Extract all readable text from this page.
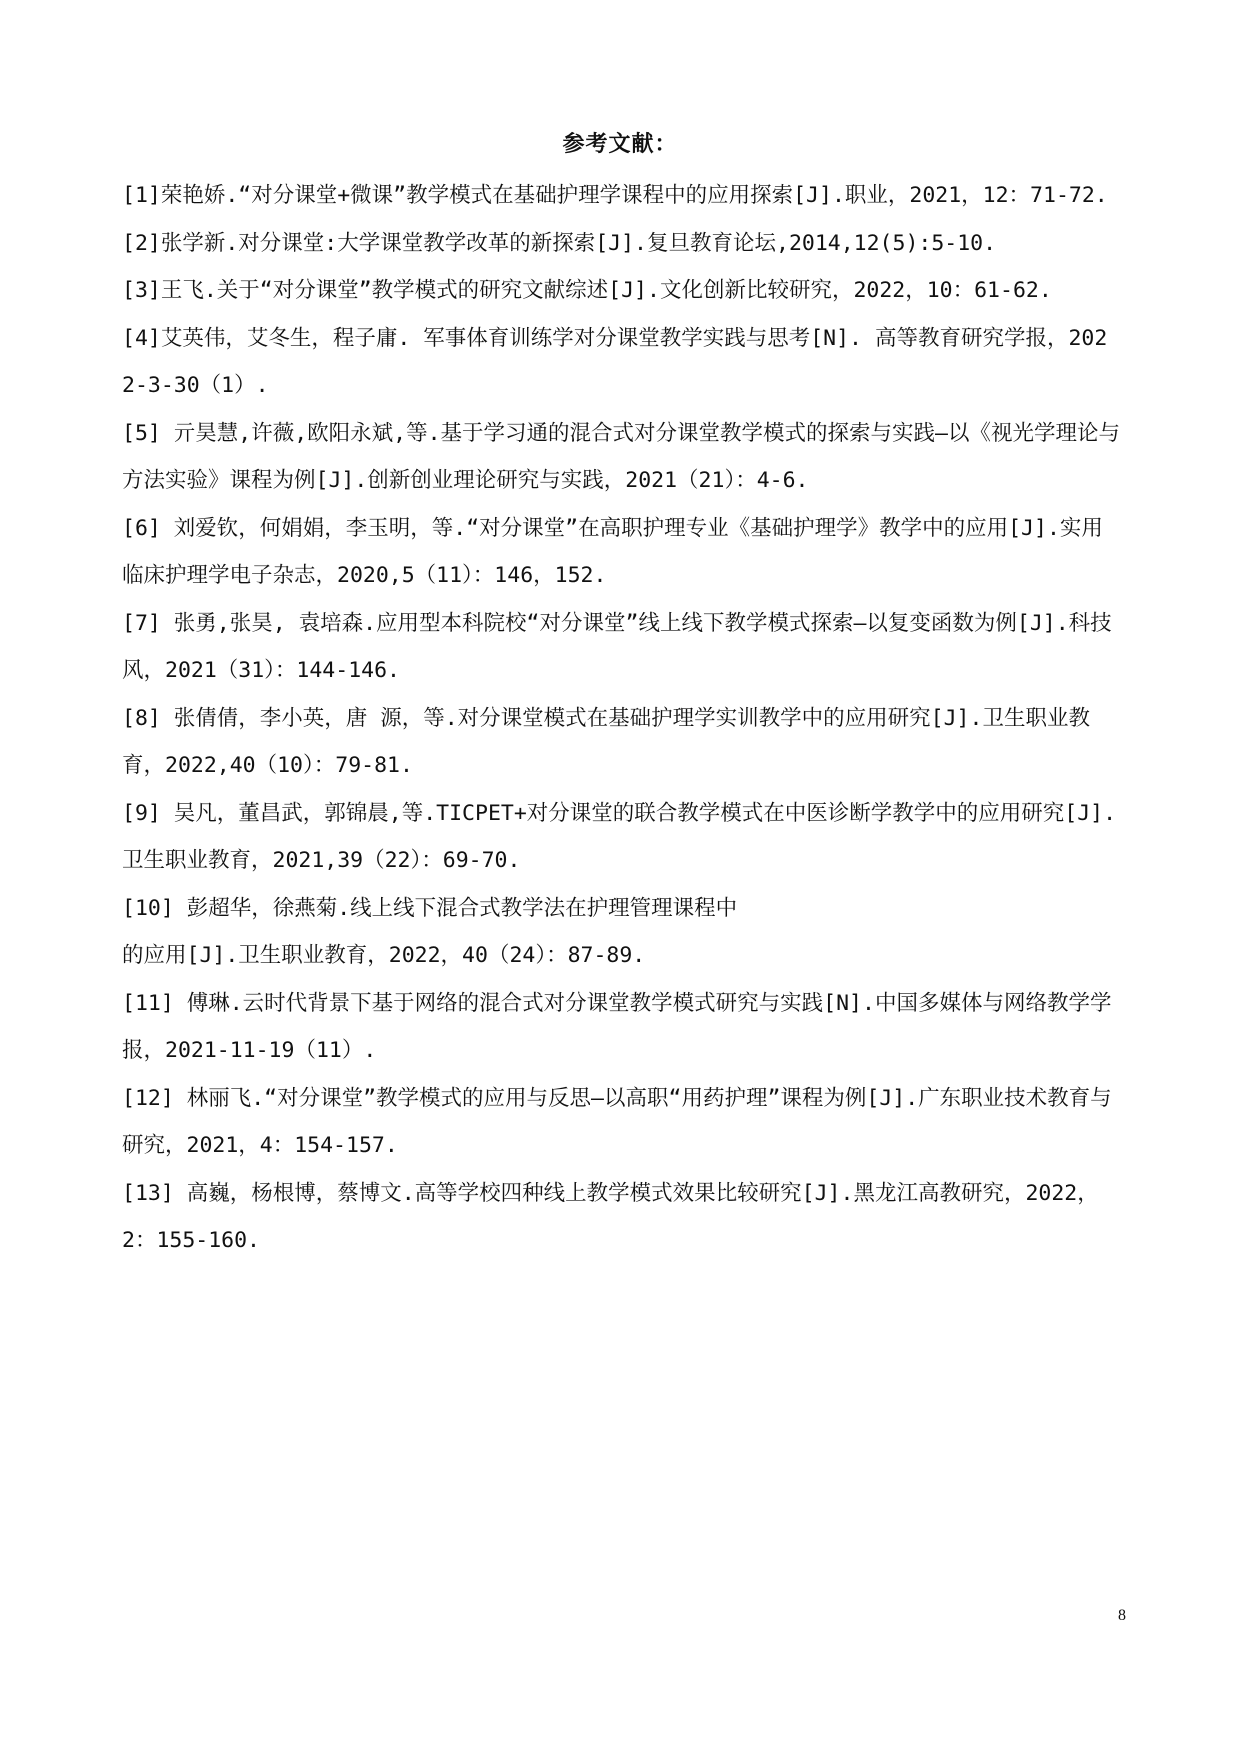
参考文献：
[1]荣艳娇.“对分课堂+微课”教学模式在基础护理学课程中的应用探索[J].职业，2021，12：71-72.
[2]张学新.对分课堂:大学课堂教学改革的新探索[J].复旦教育论坛,2014,12(5):5-10.
[3]王飞.关于“对分课堂”教学模式的研究文献综述[J].文化创新比较研究，2022，10：61-62.
[4]艾英伟，艾冬生，程子庸. 军事体育训练学对分课堂教学实践与思考[N]. 高等教育研究学报，2022-3-30（1）.
[5] 亓昊慧,许薇,欧阳永斌,等.基于学习通的混合式对分课堂教学模式的探索与实践—以《视光学理论与方法实验》课程为例[J].创新创业理论研究与实践，2021（21）：4-6.
[6] 刘爱钦，何娟娟，李玉明，等.“对分课堂”在高职护理专业《基础护理学》教学中的应用[J].实用临床护理学电子杂志，2020,5（11）：146，152.
[7] 张勇,张昊, 袁培森.应用型本科院校“对分课堂”线上线下教学模式探索—以复变函数为例[J].科技风，2021（31）：144-146.
[8] 张倩倩，李小英，唐 源，等.对分课堂模式在基础护理学实训教学中的应用研究[J].卫生职业教育，2022,40（10）：79-81.
[9] 吴凡，董昌武，郭锦晨,等.TICPET+对分课堂的联合教学模式在中医诊断学教学中的应用研究[J].卫生职业教育，2021,39（22）：69-70.
[10] 彭超华，徐燕菊.线上线下混合式教学法在护理管理课程中
的应用[J].卫生职业教育，2022，40（24）：87-89.
[11] 傅琳.云时代背景下基于网络的混合式对分课堂教学模式研究与实践[N].中国多媒体与网络教学学报，2021-11-19（11）.
[12] 林丽飞.“对分课堂”教学模式的应用与反思—以高职“用药护理”课程为例[J].广东职业技术教育与研究，2021，4：154-157.
[13] 高巍，杨根博，蔡博文.高等学校四种线上教学模式效果比较研究[J].黑龙江高教研究，2022，2：155-160.
8
